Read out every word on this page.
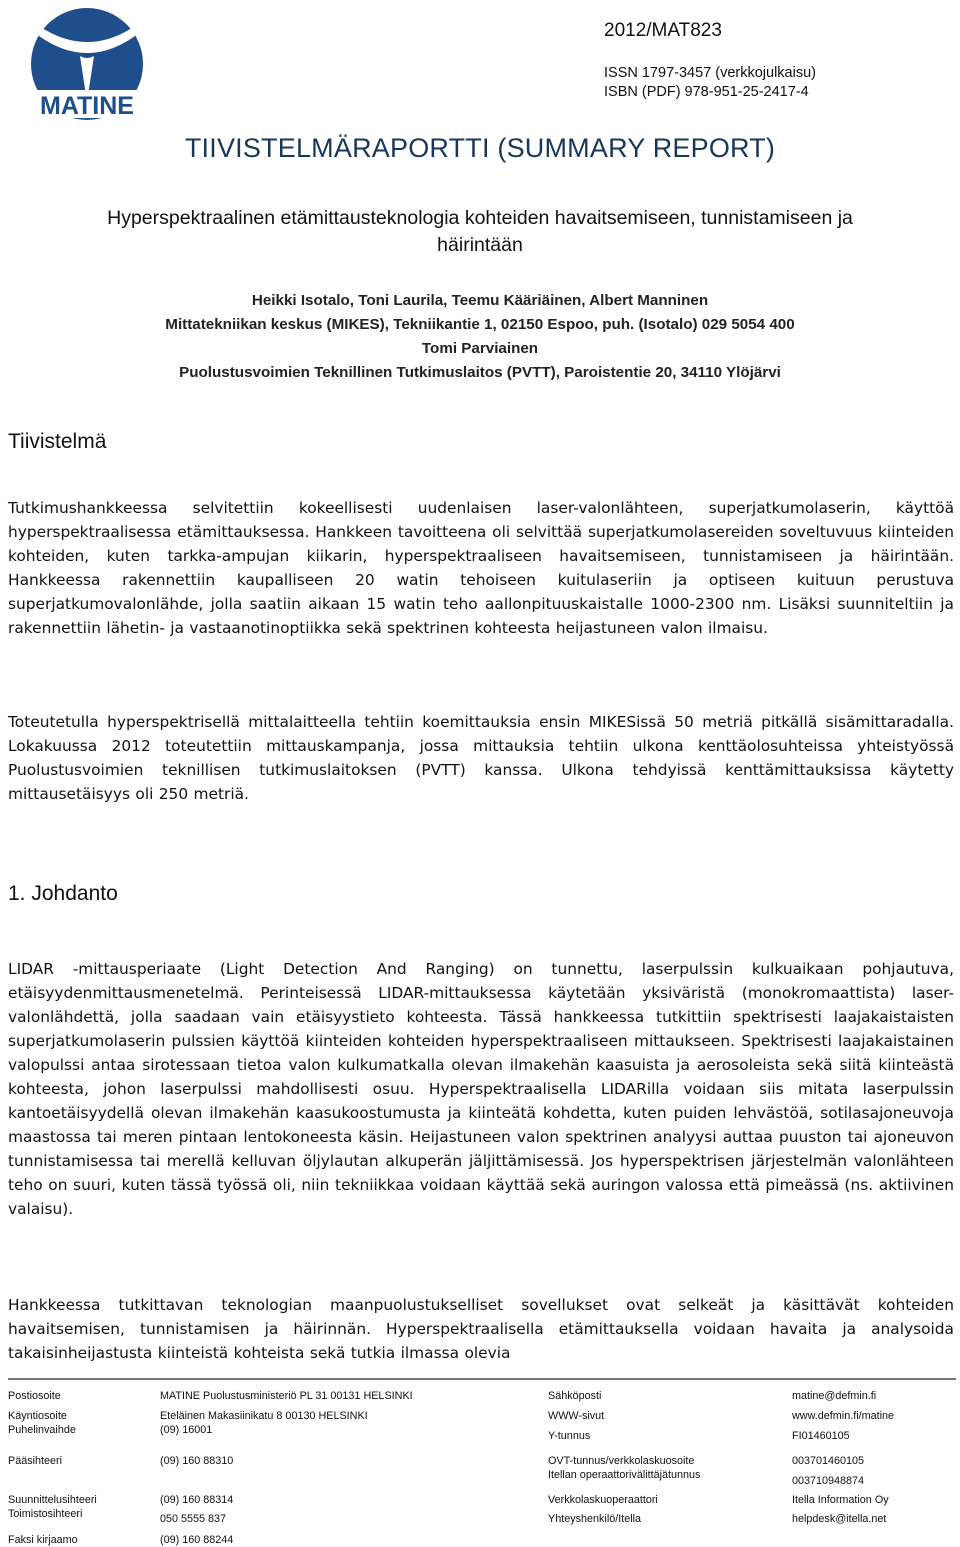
MATINE
2012/MAT823
ISSN 1797-3457 (verkkojulkaisu)
ISBN (PDF) 978-951-25-2417-4
TIIVISTELMÄRAPORTTI (SUMMARY REPORT)
Hyperspektraalinen etämittausteknologia kohteiden havaitsemiseen, tunnistamiseen ja
häirintään
Heikki Isotalo, Toni Laurila, Teemu Kääriäinen, Albert Manninen
Mittatekniikan keskus (MIKES), Tekniikantie 1, 02150 Espoo, puh. (Isotalo) 029 5054 400
Tomi Parviainen
Puolustusvoimien Teknillinen Tutkimuslaitos (PVTT), Paroistentie 20, 34110 Ylöjärvi
Tiivistelmä

Tutkimushankkeessa selvitettiin kokeellisesti uudenlaisen laser-valonlähteen, superjatkumolaserin, käyttöä hyperspektraalisessa etämittauksessa. Hankkeen tavoitteena oli selvittää superjatkumolasereiden soveltuvuus kiinteiden kohteiden, kuten tarkka-ampujan kiikarin, hyperspektraaliseen havaitsemiseen, tunnistamiseen ja häirintään. Hankkeessa rakennettiin kaupalliseen 20 watin tehoiseen kuitulaseriin ja optiseen kuituun perustuva superjatkumovalonlähde, jolla saatiin aikaan 15 watin teho aallonpituuskaistalle 1000-2300 nm. Lisäksi suunniteltiin ja rakennettiin lähetin- ja vastaanotinoptiikka sekä spektrinen kohteesta heijastuneen valon ilmaisu.

Toteutetulla hyperspektrisellä mittalaitteella tehtiin koemittauksia ensin MIKESissä 50 metriä pitkällä sisämittaradalla. Lokakuussa 2012 toteutettiin mittauskampanja, jossa mittauksia tehtiin ulkona kenttäolosuhteissa yhteistyössä Puolustusvoimien teknillisen tutkimuslaitoksen (PVTT) kanssa. Ulkona tehdyissä kenttämittauksissa käytetty mittausetäisyys oli 250 metriä.

1. Johdanto

LIDAR -mittausperiaate (Light Detection And Ranging) on tunnettu, laserpulssin kulkuaikaan pohjautuva, etäisyydenmittausmenetelmä. Perinteisessä LIDAR-mittauksessa käytetään yksiväristä (monokromaattista) laser-valonlähdettä, jolla saadaan vain etäisyystieto kohteesta. Tässä hankkeessa tutkittiin spektrisesti laajakaistaisten superjatkumolaserin pulssien käyttöä kiinteiden kohteiden hyperspektraaliseen mittaukseen. Spektrisesti laajakaistainen valopulssi antaa sirotessaan tietoa valon kulkumatkalla olevan ilmakehän kaasuista ja aerosoleista sekä siitä kiinteästä kohteesta, johon laserpulssi mahdollisesti osuu. Hyperspektraalisella LIDARilla voidaan siis mitata laserpulssin kantoetäisyydellä olevan ilmakehän kaasukoostumusta ja kiinteätä kohdetta, kuten puiden lehvästöä, sotilasajoneuvoja maastossa tai meren pintaan lentokoneesta käsin. Heijastuneen valon spektrinen analyysi auttaa puuston tai ajoneuvon tunnistamisessa tai merellä kelluvan öljylautan alkuperän jäljittämisessä. Jos hyperspektrisen järjestelmän valonlähteen teho on suuri, kuten tässä työssä oli, niin tekniikkaa voidaan käyttää sekä auringon valossa että pimeässä (ns. aktiivinen valaisu).

Hankkeessa tutkittavan teknologian maanpuolustukselliset sovellukset ovat selkeät ja käsittävät kohteiden havaitsemisen, tunnistamisen ja häirinnän. Hyperspektraalisella etämittauksella voidaan havaita ja analysoida takaisinheijastusta kiinteistä kohteista sekä tutkia ilmassa olevia

Postiosoite	MATINE Puolustusministeriö PL 31 00131 HELSINKI	Sähköposti	matine@defmin.fi
Käyntiosoite	Eteläinen Makasiinikatu 8 00130 HELSINKI	WWW-sivut	www.defmin.fi/matine
Puhelinvaihde	(09) 16001	Y-tunnus	FI01460105
Pääsihteeri	(09) 160 88310	OVT-tunnus/verkkolaskuosoite	003701460105
Itellan operaattorivälittäjätunnus	003710948874
Suunnittelusihteeri	(09) 160 88314	Verkkolaskuoperaattori	Itella Information Oy
Toimistosihteeri	050 5555 837	Yhteyshenkilö/Itella	helpdesk@itella.net
Faksi kirjaamo	(09) 160 88244
